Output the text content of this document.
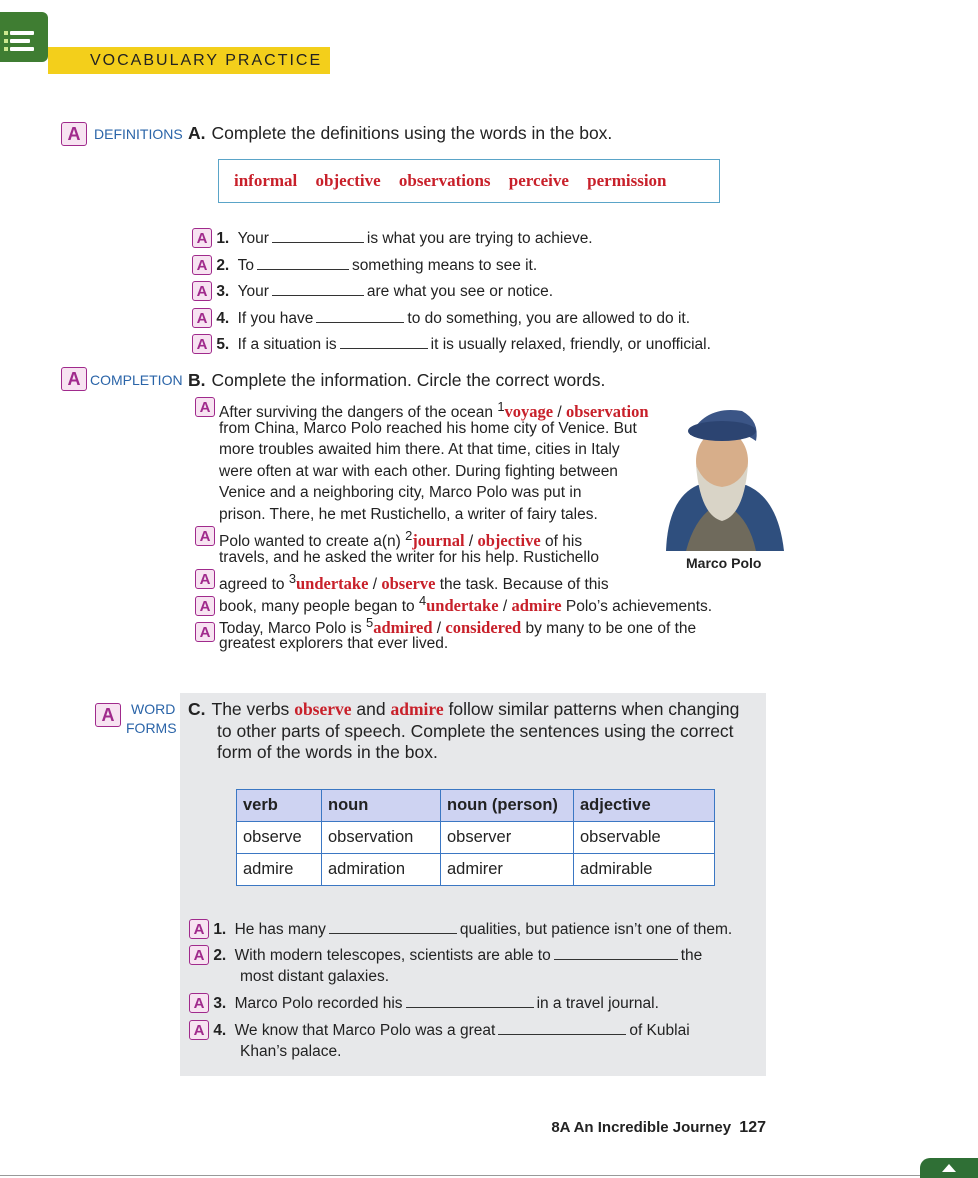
VOCABULARY PRACTICE
A DEFINITIONS A. Complete the definitions using the words in the box.
informal objective observations perceive permission
A 1. Your	is what you are trying to achieve.
A 2. To	something means to see it.
A 3. Your	are what you see or notice.
A 4. If you have	to do something, you are allowed to do it.
A 5. If a situation is	it is usually relaxed, friendly, or unofficial.
A COMPLETION B. Complete the information. Circle the correct words.
A
A
A
A
A
After surviving the dangers of the ocean $^1$voyage / observation
from China, Marco Polo reached his home city of Venice. But
more troubles awaited him there. At that time, cities in Italy
were often at war with each other. During fighting between
Venice and a neighboring city, Marco Polo was put in
prison. There, he met Rustichello, a writer of fairy tales.
Polo wanted to create a(n) $^2$journal / objective of his
travels, and he asked the writer for his help. Rustichello
agreed to $^3$undertake / observe the task. Because of this
book, many people began to $^4$undertake / admire Polo’s achievements.
Today, Marco Polo is $^5$admired / considered by many to be one of the
greatest explorers that ever lived.
Marco Polo
A	WORD
FORMS
C. The verbs observe and admire follow similar patterns when changing
to other parts of speech. Complete the sentences using the correct
form of the words in the box.
verb	noun	noun (person)	adjective
observe	observation	observer	observable
admire	admiration	admirer	admirable
A 1. He has many	qualities, but patience isn’t one of them.
A 2. With modern telescopes, scientists are able to	the
most distant galaxies.
A 3. Marco Polo recorded his	in a travel journal.
A 4. We know that Marco Polo was a great	of Kublai
Khan’s palace.
8A An Incredible Journey 127
